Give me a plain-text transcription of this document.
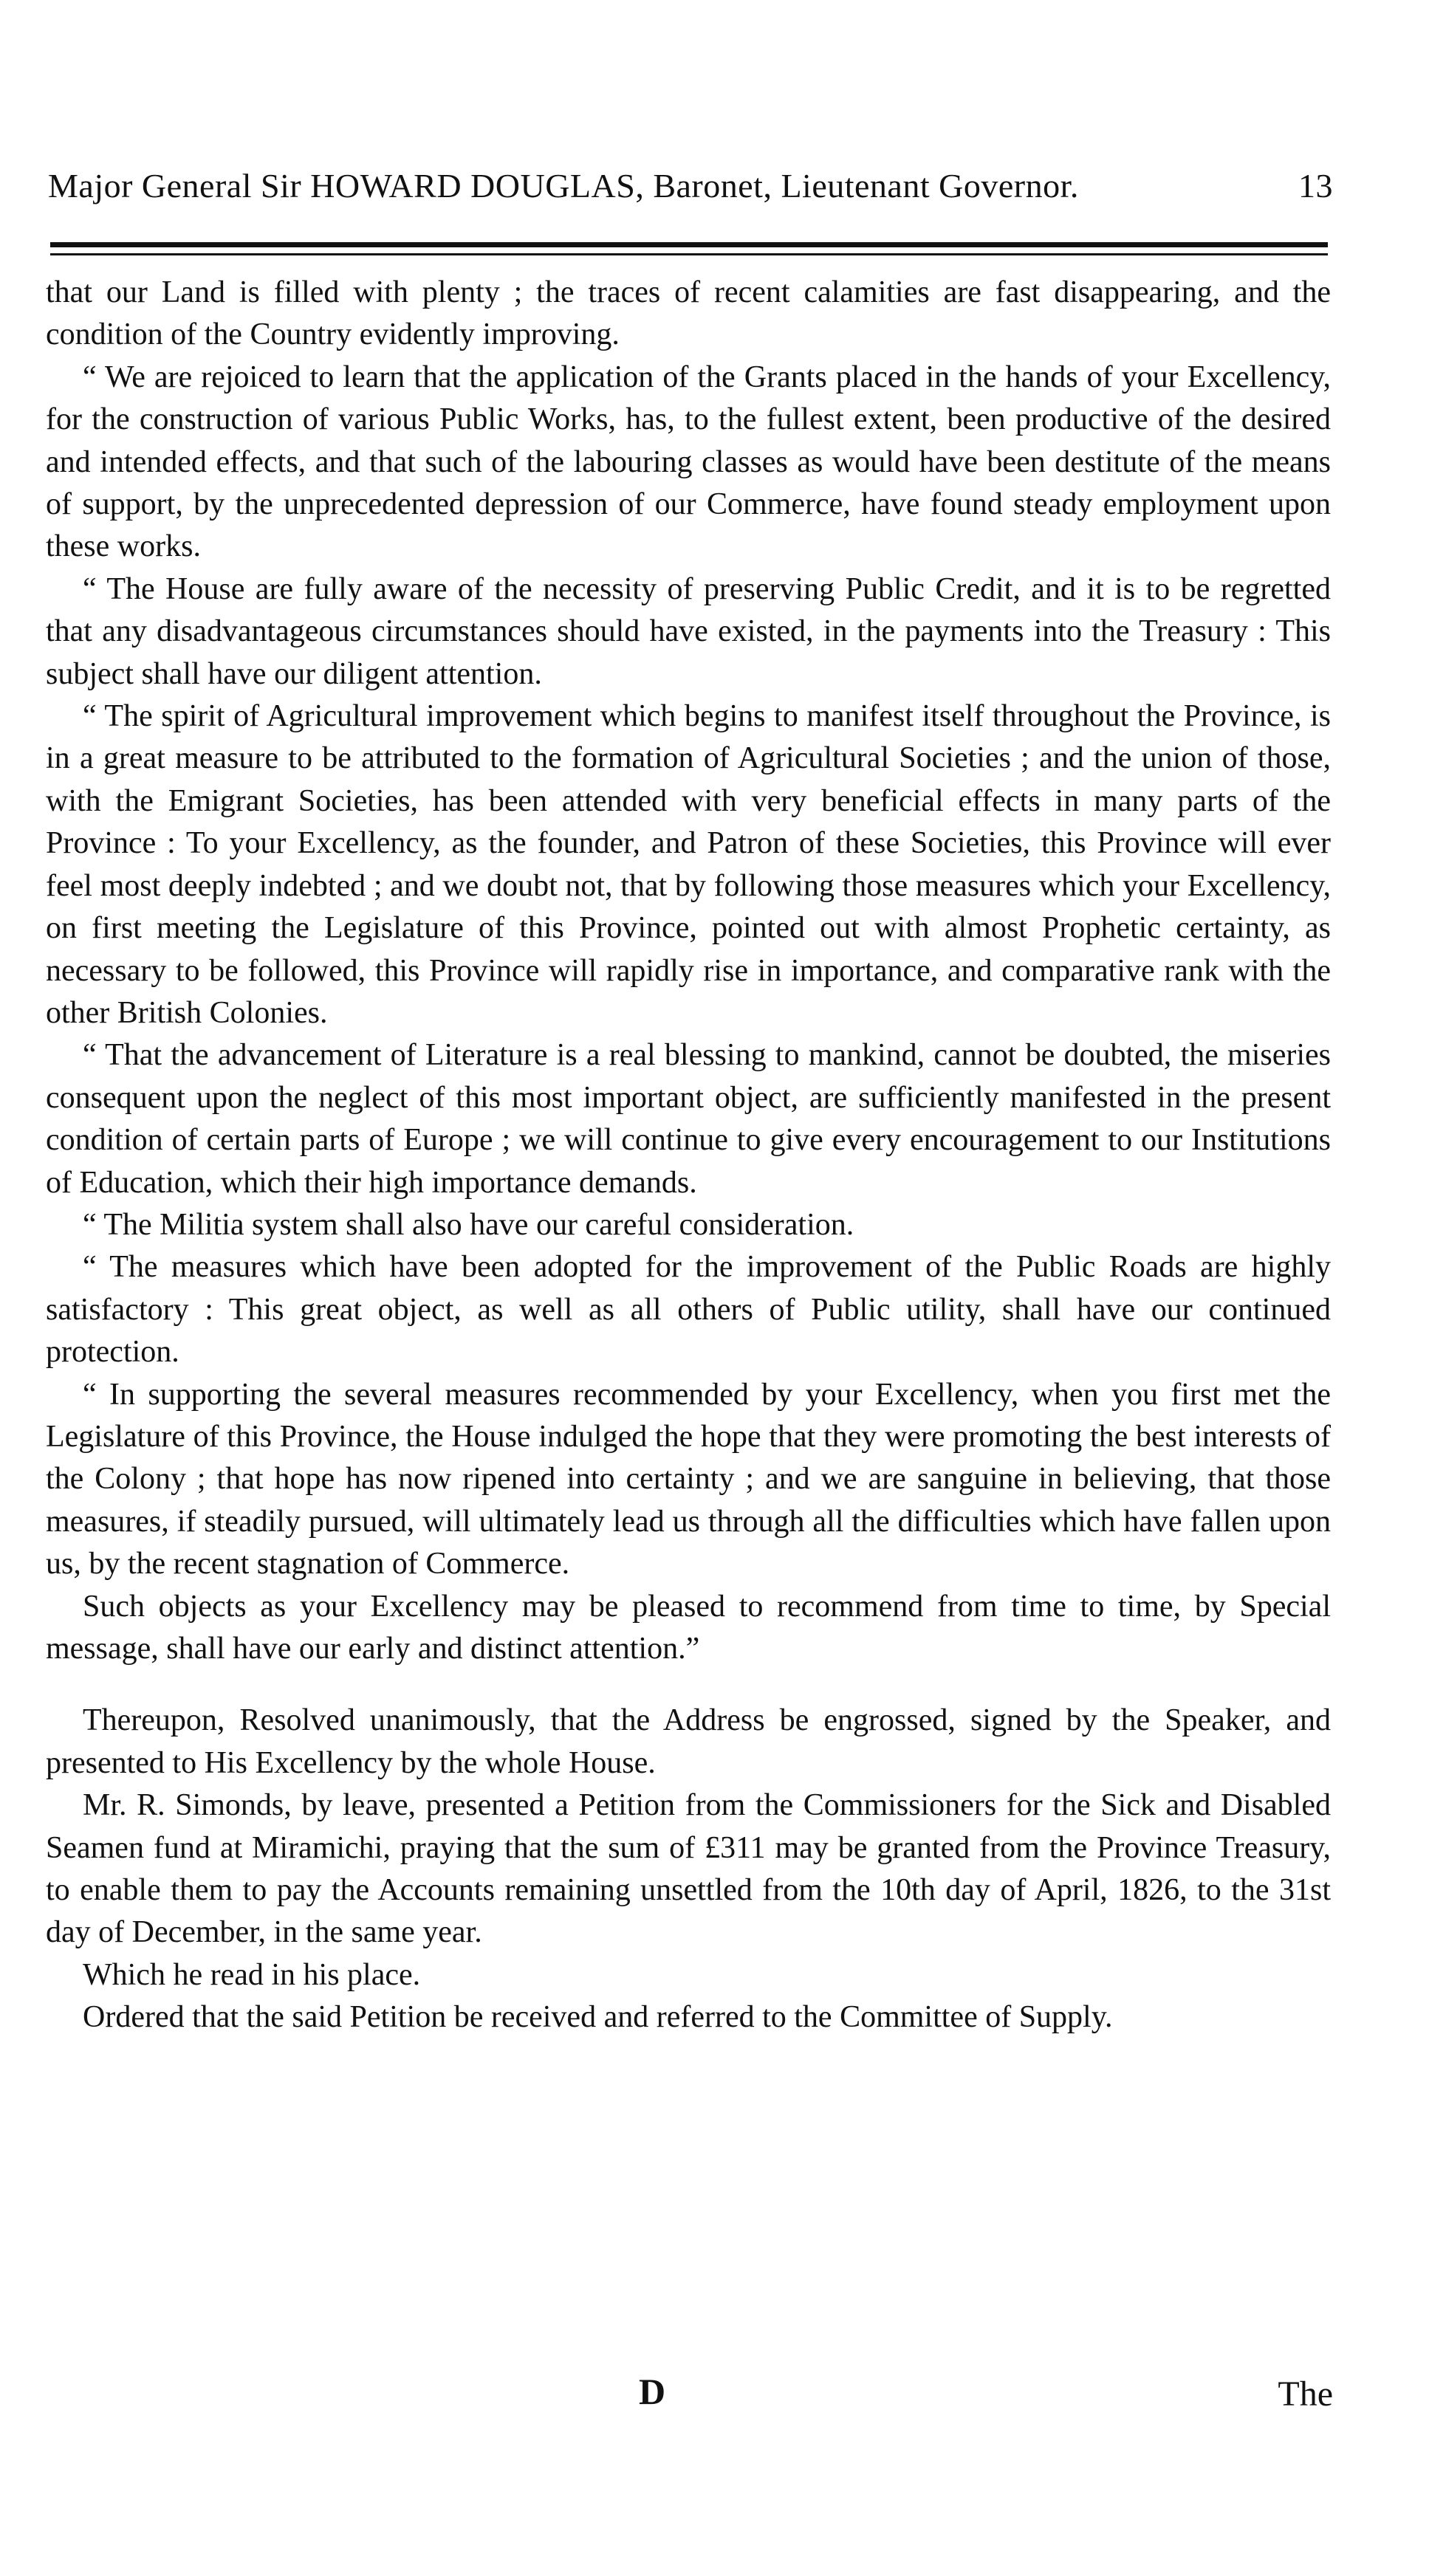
Major General Sir HOWARD DOUGLAS, Baronet, Lieutenant Governor.	13

that our Land is filled with plenty ; the traces of recent calamities are fast disappearing, and the condition of the Country evidently improving.

“ We are rejoiced to learn that the application of the Grants placed in the hands of your Excellency, for the construction of various Public Works, has, to the fullest extent, been productive of the desired and intended effects, and that such of the labouring classes as would have been destitute of the means of support, by the unprecedented depression of our Commerce, have found steady employment upon these works.

“ The House are fully aware of the necessity of preserving Public Credit, and it is to be regretted that any disadvantageous circumstances should have existed, in the payments into the Treasury : This subject shall have our diligent attention.

“ The spirit of Agricultural improvement which begins to manifest itself throughout the Province, is in a great measure to be attributed to the formation of Agricultural Societies ; and the union of those, with the Emigrant Societies, has been attended with very beneficial effects in many parts of the Province : To your Excellency, as the founder, and Patron of these Societies, this Province will ever feel most deeply indebted ; and we doubt not, that by following those measures which your Excellency, on first meeting the Legislature of this Province, pointed out with almost Prophetic certainty, as necessary to be followed, this Province will rapidly rise in importance, and comparative rank with the other British Colonies.

“ That the advancement of Literature is a real blessing to mankind, cannot be doubted, the miseries consequent upon the neglect of this most important object, are sufficiently manifested in the present condition of certain parts of Europe ; we will continue to give every encouragement to our Institutions of Education, which their high importance demands.

“ The Militia system shall also have our careful consideration.

“ The measures which have been adopted for the improvement of the Public Roads are highly satisfactory : This great object, as well as all others of Public utility, shall have our continued protection.

“ In supporting the several measures recommended by your Excellency, when you first met the Legislature of this Province, the House indulged the hope that they were promoting the best interests of the Colony ; that hope has now ripened into certainty ; and we are sanguine in believing, that those measures, if steadily pursued, will ultimately lead us through all the difficulties which have fallen upon us, by the recent stagnation of Commerce.

Such objects as your Excellency may be pleased to recommend from time to time, by Special message, shall have our early and distinct attention.”

Thereupon, Resolved unanimously, that the Address be engrossed, signed by the Speaker, and presented to His Excellency by the whole House.

Mr. R. Simonds, by leave, presented a Petition from the Commissioners for the Sick and Disabled Seamen fund at Miramichi, praying that the sum of £311 may be granted from the Province Treasury, to enable them to pay the Accounts remaining unsettled from the 10th day of April, 1826, to the 31st day of December, in the same year.

Which he read in his place.

Ordered that the said Petition be received and referred to the Committee of Supply.

D	The
